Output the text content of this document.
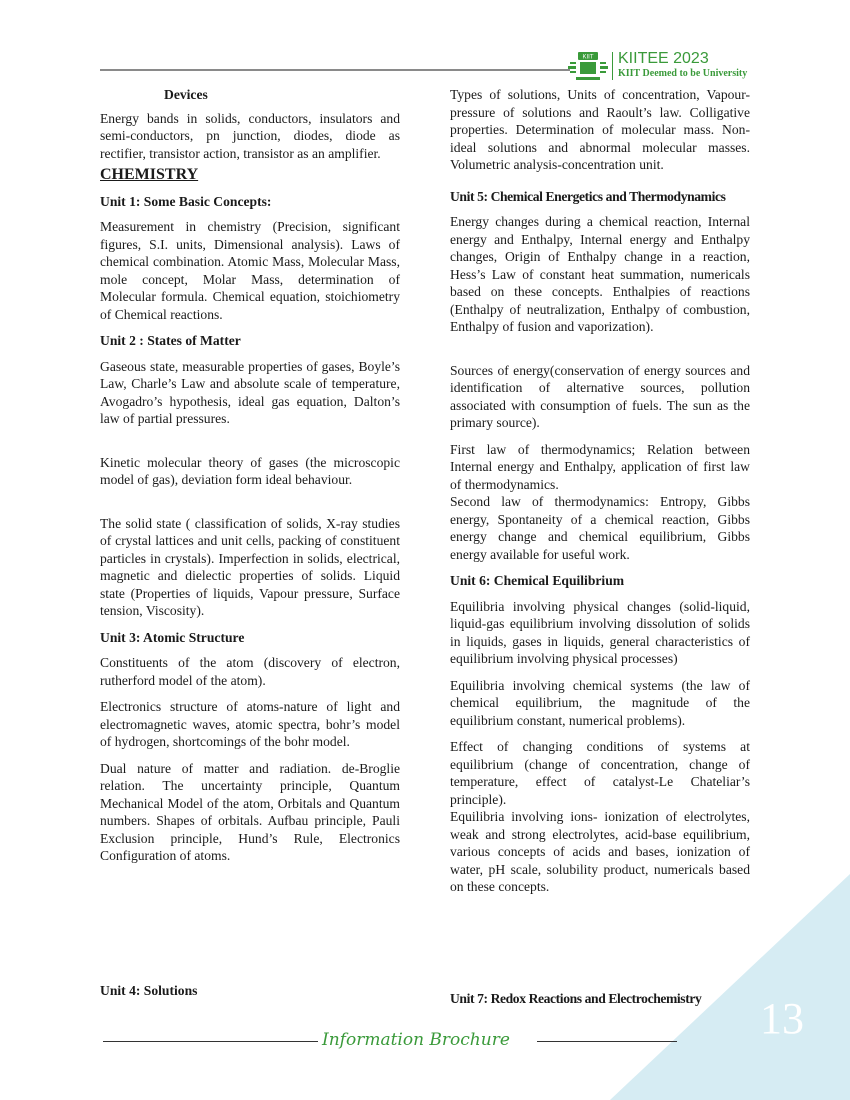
KIIT KIITEE 2023
KIIT Deemed to be University

Devices

Energy bands in solids, conductors, insulators and semi-conductors, pn junction, diodes, diode as rectifier, transistor action, transistor as an amplifier.

CHEMISTRY

Unit 1: Some Basic Concepts:

Measurement in chemistry (Precision, significant figures, S.I. units, Dimensional analysis). Laws of chemical combination. Atomic Mass, Molecular Mass, mole concept, Molar Mass, determination of Molecular formula. Chemical equation, stoichiometry of Chemical reactions.

Unit 2 : States of Matter

Gaseous state, measurable properties of gases, Boyle’s Law, Charle’s Law and absolute scale of temperature, Avogadro’s hypothesis, ideal gas equation, Dalton’s law of partial pressures.

Kinetic molecular theory of gases (the microscopic model of gas), deviation form ideal behaviour.

The solid state ( classification of solids, X-ray studies of crystal lattices and unit cells, packing of constituent particles in crystals). Imperfection in solids, electrical, magnetic and dielectic properties of solids. Liquid state (Properties of liquids, Vapour pressure, Surface tension, Viscosity).

Unit 3: Atomic Structure

Constituents of the atom (discovery of electron, rutherford model of the atom).

Electronics structure of atoms-nature of light and electromagnetic waves, atomic spectra, bohr’s model of hydrogen, shortcomings of the bohr model.

Dual nature of matter and radiation. de-Broglie relation. The uncertainty principle, Quantum Mechanical Model of the atom, Orbitals and Quantum numbers. Shapes of orbitals. Aufbau principle, Pauli Exclusion principle, Hund’s Rule, Electronics Configuration of atoms.

Unit 4: Solutions

Types of solutions, Units of concentration, Vapour-pressure of solutions and Raoult’s law. Colligative properties. Determination of molecular mass. Non-ideal solutions and abnormal molecular masses. Volumetric analysis-concentration unit.

Unit 5: Chemical Energetics and Thermodynamics

Energy changes during a chemical reaction, Internal energy and Enthalpy, Internal energy and Enthalpy changes, Origin of Enthalpy change in a reaction, Hess’s Law of constant heat summation, numericals based on these concepts. Enthalpies of reactions (Enthalpy of neutralization, Enthalpy of combustion, Enthalpy of fusion and vaporization).

Sources of energy(conservation of energy sources and identification of alternative sources, pollution associated with consumption of fuels. The sun as the primary source).

First law of thermodynamics; Relation between Internal energy and Enthalpy, application of first law of thermodynamics.

Second law of thermodynamics: Entropy, Gibbs energy, Spontaneity of a chemical reaction, Gibbs energy change and chemical equilibrium, Gibbs energy available for useful work.

Unit 6: Chemical Equilibrium

Equilibria involving physical changes (solid-liquid, liquid-gas equilibrium involving dissolution of solids in liquids, gases in liquids, general characteristics of equilibrium involving physical processes)

Equilibria involving chemical systems (the law of chemical equilibrium, the magnitude of the equilibrium constant, numerical problems).

Effect of changing conditions of systems at equilibrium (change of concentration, change of temperature, effect of catalyst-Le Chateliar’s principle).

Equilibria involving ions- ionization of electrolytes, weak and strong electrolytes, acid-base equilibrium, various concepts of acids and bases, ionization of water, pH scale, solubility product, numericals based on these concepts.

Unit 7: Redox Reactions and Electrochemistry 13
Information Brochure
